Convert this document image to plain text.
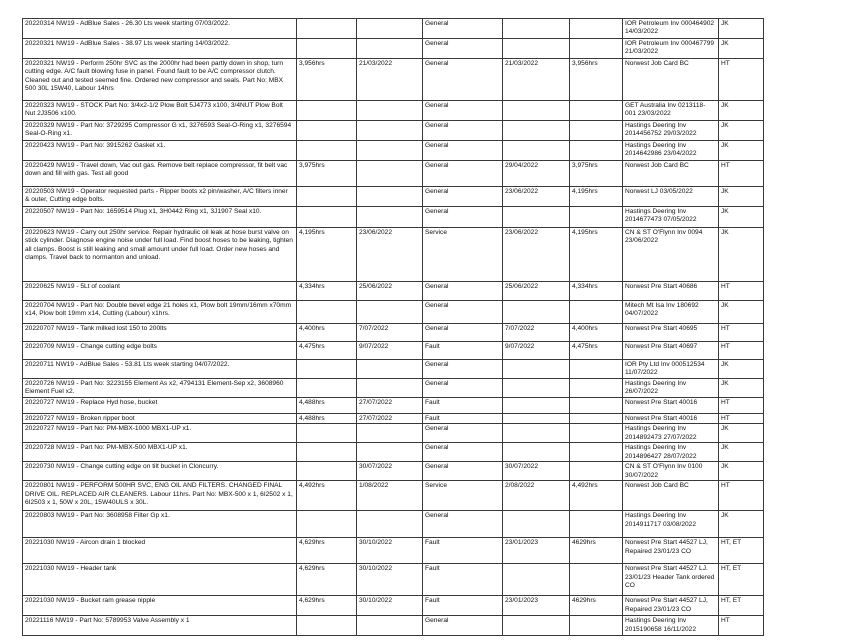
20220314 NW19 - AdBlue Sales - 26.30 Lts week starting 07/03/2022.			General			IOR Petroleum Inv 000464902 14/03/2022	JK

20220321 NW19 - AdBlue Sales - 38.97 Lts week starting 14/03/2022.			General			IOR Petroleum Inv 000467799 21/03/2022	JK

20220321 NW19 - Perform 250hr SVC as the 2000hr had been partly down in shop, turn cutting edge. A/C fault blowing fuse in panel. Found fault to be A/C compressor clutch. Cleaned out and tested seemed fine. Ordered new compressor and seals. Part No: MBX 500 30L 15W40, Labour 14hrs	3,956hrs	21/03/2022	General	21/03/2022	3,956hrs	Norwest Job Card BC	HT

20220323 NW19 - STOCK Part No: 3/4x2-1/2 Plow Bolt 5J4773 x100, 3/4NUT Plow Bolt Nut 2J3506 x100.			General			GET Australia Inv 0213118-001 23/03/2022	JK

20220329 NW19 - Part No: 3729295 Compressor G x1, 3276593 Seal-O-Ring x1, 3276594 Seal-O-Ring x1.			General			Hastings Deering Inv 2014456752 29/03/2022	JK

20220423 NW19 - Part No: 3915262 Gasket x1.			General			Hastings Deering Inv 2014642986 23/04/2022	JK

20220429 NW19 - Travel down, Vac out gas. Remove belt replace compressor, fit belt vac down and fill with gas. Test all good	3,975hrs		General	29/04/2022	3,975hrs	Norwest Job Card BC	HT

20220503 NW19 - Operator requested parts - Ripper boots x2 pin/washer, A/C filters inner & outer, Cutting edge bolts.			General	23/06/2022	4,195hrs	Norwest LJ 03/05/2022	JK

20220507 NW19 - Part No: 1659514 Plug x1, 3H0442 Ring x1, 3J1907 Seal x10.			General			Hastings Deering Inv 2014677473 07/05/2022	JK

20220623 NW19 - Carry out 250hr service. Repair hydraulic oil leak at hose burst valve on stick cylinder. Diagnose engine noise under full load. Find boost hoses to be leaking, tighten all clamps. Boost is still leaking and small amount under full load. Order new hoses and clamps. Travel back to normanton and unload.	4,195hrs	23/06/2022	Service	23/06/2022	4,195hrs	CN & ST O'Flynn Inv 0094 23/06/2022	JK

20220625 NW19 - 5Lt of coolant	4,334hrs	25/06/2022	General	25/06/2022	4,334hrs	Norwest Pre Start 40686	HT

20220704 NW19 - Part No: Double bevel edge 21 holes x1, Plow bolt 19mm/16mm x70mm x14, Plow bolt 19mm x14, Cutting (Labour) x1hrs.			General			Mitech Mt Isa Inv 180692 04/07/2022	JK

20220707 NW19 - Tank milked lost 150 to 200lts	4,400hrs	7/07/2022	General	7/07/2022	4,400hrs	Norwest Pre Start 40695	HT

20220709 NW19 - Change cutting edge bolts	4,475hrs	9/07/2022	Fault	9/07/2022	4,475hrs	Norwest Pre Start 40697	HT

20220711 NW19 - AdBlue Sales - 53.81 Lts week starting 04/07/2022.			General			IOR Pty Ltd Inv 000512534 11/07/2022	JK

20220726 NW19 - Part No: 3223155 Element As x2, 4794131 Element-Sep x2, 3608960 Element Fuel x2.			General			Hastings Deering Inv 26/07/2022	JK

20220727 NW19 - Replace Hyd hose, bucket	4,488hrs	27/07/2022	Fault			Norwest Pre Start 40016	HT

20220727 NW19 - Broken ripper boot	4,488hrs	27/07/2022	Fault			Norwest Pre Start 40016	HT

20220727 NW19 - Part No: PM-MBX-1000 MBX1-UP x1.			General			Hastings Deering Inv 2014892473 27/07/2022	JK

20220728 NW19 - Part No: PM-MBX-500 MBX1-UP x1.			General			Hastings Deering Inv 2014896427 28/07/2022	JK

20220730 NW19 - Change cutting edge on tilt bucket in Cloncurry.		30/07/2022	General	30/07/2022		CN & ST O'Flynn Inv 0100 30/07/2022	JK

20220801 NW19 - PERFORM 500HR SVC, ENG OIL AND FILTERS. CHANGED FINAL DRIVE OIL. REPLACED AIR CLEANERS. Labour 11hrs. Part No: MBX-500 x 1, 6I2502 x 1, 6I2503 x 1, 50W x 20L, 15W40ULS x 30L.	4,492hrs	1/08/2022	Service	2/08/2022	4,492hrs	Norwest Job Card BC	HT

20220803 NW19 - Part No: 3608958 Filter Gp x1.			General			Hastings Deering Inv 2014911717 03/08/2022	JK

20221030 NW19 - Aircon drain 1 blocked	4,629hrs	30/10/2022	Fault	23/01/2023	4629hrs	Norwest Pre Start 44527 LJ, Repaired 23/01/23 CO	HT, ET

20221030 NW19 - Header tank	4,629hrs	30/10/2022	Fault			Norwest Pre Start 44527 LJ. 23/01/23 Header Tank ordered CO	HT, ET

20221030 NW19 - Bucket ram grease nipple	4,629hrs	30/10/2022	Fault	23/01/2023	4629hrs	Norwest Pre Start 44527 LJ, Repaired 23/01/23 CO	HT, ET

20221116 NW19 - Part No: 5789953 Valve Assembly x 1			General			Hastings Deering Inv 2015190658 16/11/2022	HT
